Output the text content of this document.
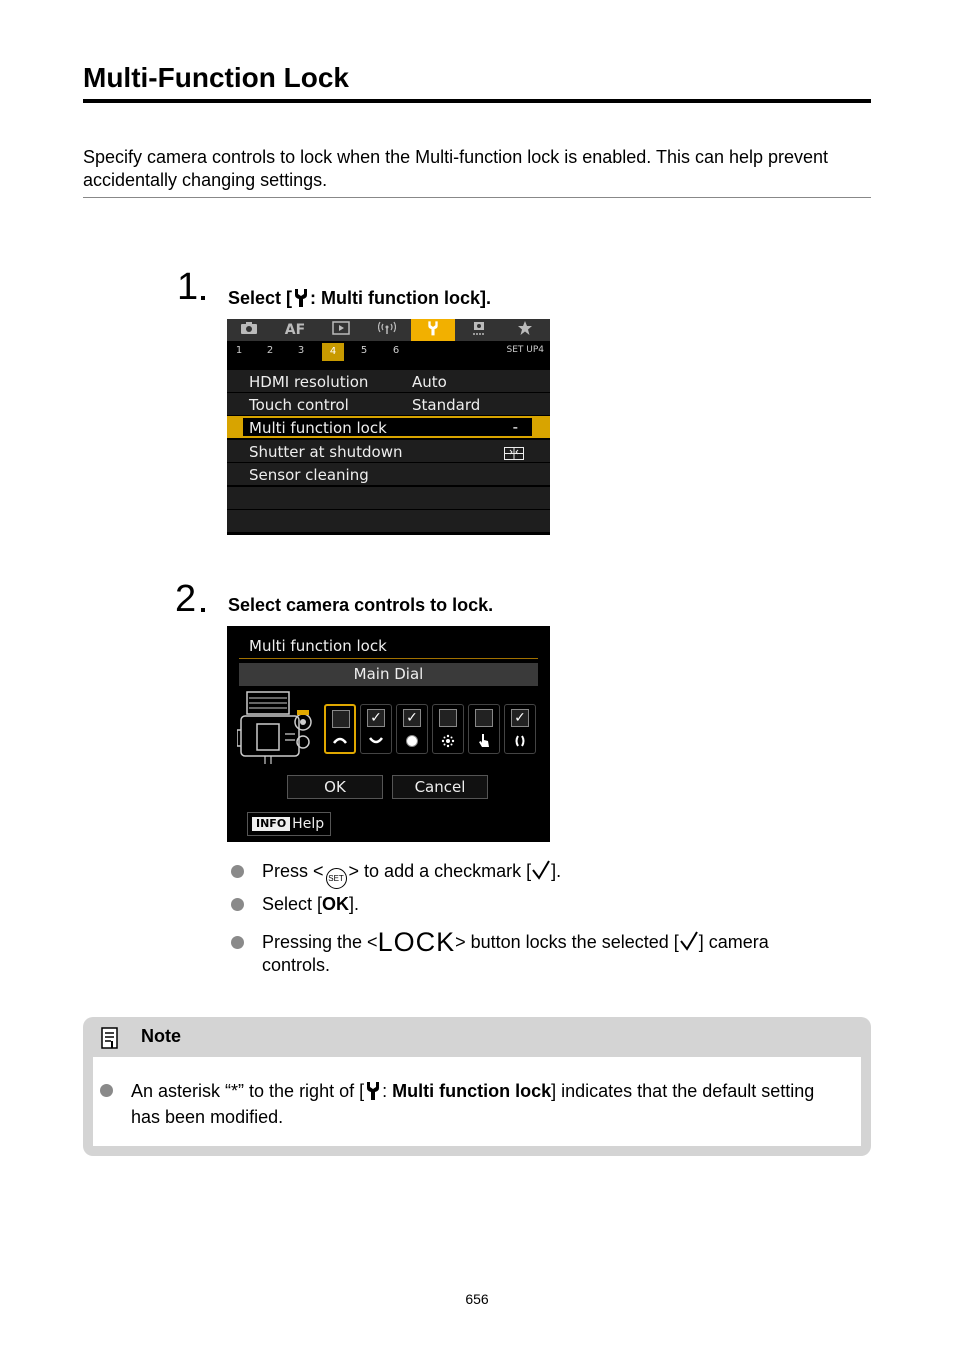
Multi-Function Lock
Specify camera controls to lock when the Multi-function lock is enabled. This can help prevent accidentally changing settings.
1 Select [ : Multi function lock].
AF
1	2	3	4	5	6	SET UP4
HDMI resolution	Auto
Touch control	Standard
Multi function lock	-
Shutter at shutdown
Sensor cleaning
2 Select camera controls to lock.
Multi function lock
Main Dial
✓ ✓	✓
OK	Cancel
INFO Help
Press < SET > to add a checkmark [ ].
Select [OK].
Pressing the <LOCK> button locks the selected [ ] camera
controls.
Note
An asterisk “*” to the right of [ : Multi function lock] indicates that the default setting has been modified.
656
